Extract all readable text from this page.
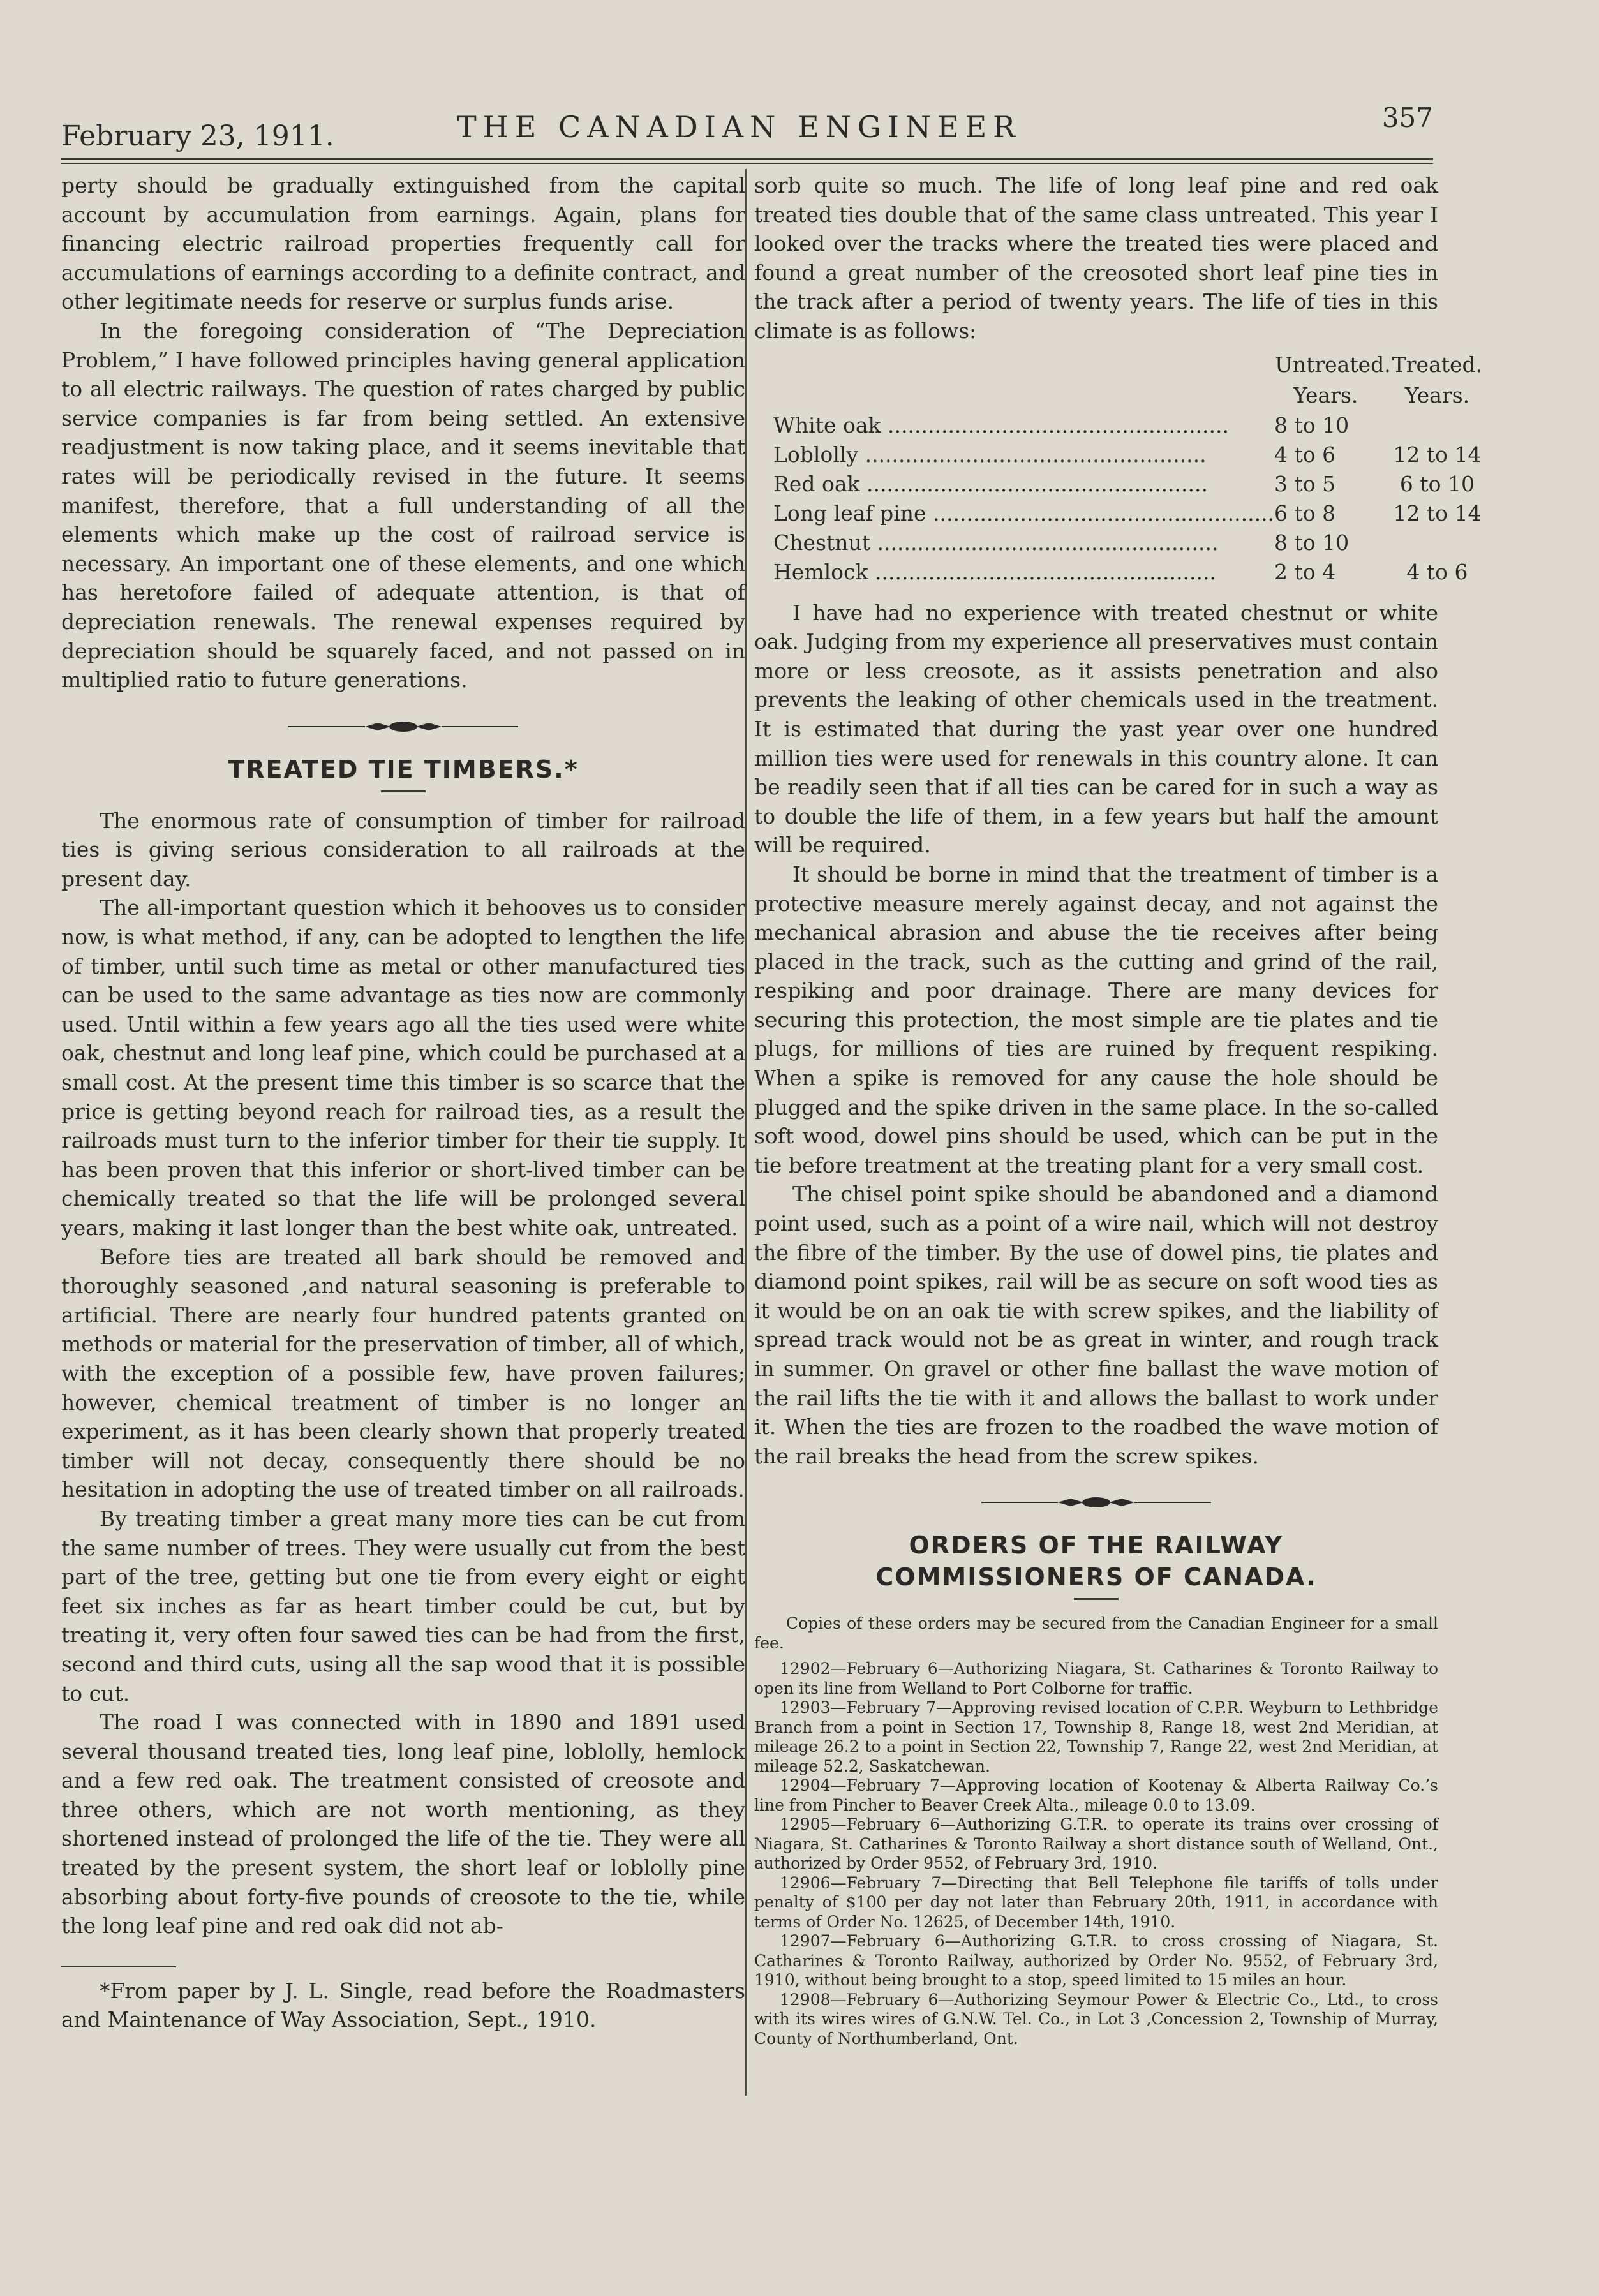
February 23, 1911.	THE CANADIAN ENGINEER	357

perty should be gradually extinguished from the capital account by accumulation from earnings. Again, plans for financing electric railroad properties frequently call for accumulations of earnings according to a definite contract, and other legitimate needs for reserve or surplus funds arise.

In the foregoing consideration of “The Depreciation Problem,” I have followed principles having general application to all electric railways. The question of rates charged by public service companies is far from being settled. An extensive readjustment is now taking place, and it seems inevitable that rates will be periodically revised in the future. It seems manifest, therefore, that a full understanding of all the elements which make up the cost of railroad service is necessary. An important one of these elements, and one which has heretofore failed of adequate attention, is that of depreciation renewals. The renewal expenses required by depreciation should be squarely faced, and not passed on in multiplied ratio to future generations.

TREATED TIE TIMBERS.*

The enormous rate of consumption of timber for railroad ties is giving serious consideration to all railroads at the present day.

The all-important question which it behooves us to consider now, is what method, if any, can be adopted to lengthen the life of timber, until such time as metal or other manufactured ties can be used to the same advantage as ties now are commonly used. Until within a few years ago all the ties used were white oak, chestnut and long leaf pine, which could be purchased at a small cost. At the present time this timber is so scarce that the price is getting beyond reach for railroad ties, as a result the railroads must turn to the inferior timber for their tie supply. It has been proven that this inferior or short-lived timber can be chemically treated so that the life will be prolonged several years, making it last longer than the best white oak, untreated.

Before ties are treated all bark should be removed and thoroughly seasoned ,and natural seasoning is preferable to artificial. There are nearly four hundred patents granted on methods or material for the preservation of timber, all of which, with the exception of a possible few, have proven failures; however, chemical treatment of timber is no longer an experiment, as it has been clearly shown that properly treated timber will not decay, consequently there should be no hesitation in adopting the use of treated timber on all railroads.

By treating timber a great many more ties can be cut from the same number of trees. They were usually cut from the best part of the tree, getting but one tie from every eight or eight feet six inches as far as heart timber could be cut, but by treating it, very often four sawed ties can be had from the first, second and third cuts, using all the sap wood that it is possible to cut.

The road I was connected with in 1890 and 1891 used several thousand treated ties, long leaf pine, loblolly, hemlock and a few red oak. The treatment consisted of creosote and three others, which are not worth mentioning, as they shortened instead of prolonged the life of the tie. They were all treated by the present system, the short leaf or loblolly pine absorbing about forty-five pounds of creosote to the tie, while the long leaf pine and red oak did not ab-

*From paper by J. L. Single, read before the Roadmasters and Maintenance of Way Association, Sept., 1910.

sorb quite so much. The life of long leaf pine and red oak treated ties double that of the same class untreated. This year I looked over the tracks where the treated ties were placed and found a great number of the creosoted short leaf pine ties in the track after a period of twenty years. The life of ties in this climate is as follows:

	Untreated.	Treated.
	Years.	Years.
White oak ...................................................	8 to 10	
Loblolly ...................................................	4 to 6	12 to 14
Red oak ...................................................	3 to 5	6 to 10
Long leaf pine ...................................................	6 to 8	12 to 14
Chestnut ...................................................	8 to 10	
Hemlock ...................................................	2 to 4	4 to 6

I have had no experience with treated chestnut or white oak. Judging from my experience all preservatives must contain more or less creosote, as it assists penetration and also prevents the leaking of other chemicals used in the treatment. It is estimated that during the yast year over one hundred million ties were used for renewals in this country alone. It can be readily seen that if all ties can be cared for in such a way as to double the life of them, in a few years but half the amount will be required.

It should be borne in mind that the treatment of timber is a protective measure merely against decay, and not against the mechanical abrasion and abuse the tie receives after being placed in the track, such as the cutting and grind of the rail, respiking and poor drainage. There are many devices for securing this protection, the most simple are tie plates and tie plugs, for millions of ties are ruined by frequent respiking. When a spike is removed for any cause the hole should be plugged and the spike driven in the same place. In the so-called soft wood, dowel pins should be used, which can be put in the tie before treatment at the treating plant for a very small cost.

The chisel point spike should be abandoned and a diamond point used, such as a point of a wire nail, which will not destroy the fibre of the timber. By the use of dowel pins, tie plates and diamond point spikes, rail will be as secure on soft wood ties as it would be on an oak tie with screw spikes, and the liability of spread track would not be as great in winter, and rough track in summer. On gravel or other fine ballast the wave motion of the rail lifts the tie with it and allows the ballast to work under it. When the ties are frozen to the roadbed the wave motion of the rail breaks the head from the screw spikes.

ORDERS OF THE RAILWAY COMMISSIONERS OF CANADA.

Copies of these orders may be secured from the Canadian Engineer for a small fee.

12902—February 6—Authorizing Niagara, St. Catharines & Toronto Railway to open its line from Welland to Port Colborne for traffic.

12903—February 7—Approving revised location of C.P.R. Weyburn to Lethbridge Branch from a point in Section 17, Township 8, Range 18, west 2nd Meridian, at mileage 26.2 to a point in Section 22, Township 7, Range 22, west 2nd Meridian, at mileage 52.2, Saskatchewan.

12904—February 7—Approving location of Kootenay & Alberta Railway Co.’s line from Pincher to Beaver Creek Alta., mileage 0.0 to 13.09.

12905—February 6—Authorizing G.T.R. to operate its trains over crossing of Niagara, St. Catharines & Toronto Railway a short distance south of Welland, Ont., authorized by Order 9552, of February 3rd, 1910.

12906—February 7—Directing that Bell Telephone file tariffs of tolls under penalty of $100 per day not later than February 20th, 1911, in accordance with terms of Order No. 12625, of December 14th, 1910.

12907—February 6—Authorizing G.T.R. to cross crossing of Niagara, St. Catharines & Toronto Railway, authorized by Order No. 9552, of February 3rd, 1910, without being brought to a stop, speed limited to 15 miles an hour.

12908—February 6—Authorizing Seymour Power & Electric Co., Ltd., to cross with its wires wires of G.N.W. Tel. Co., in Lot 3 ,Concession 2, Township of Murray, County of Northumberland, Ont.
